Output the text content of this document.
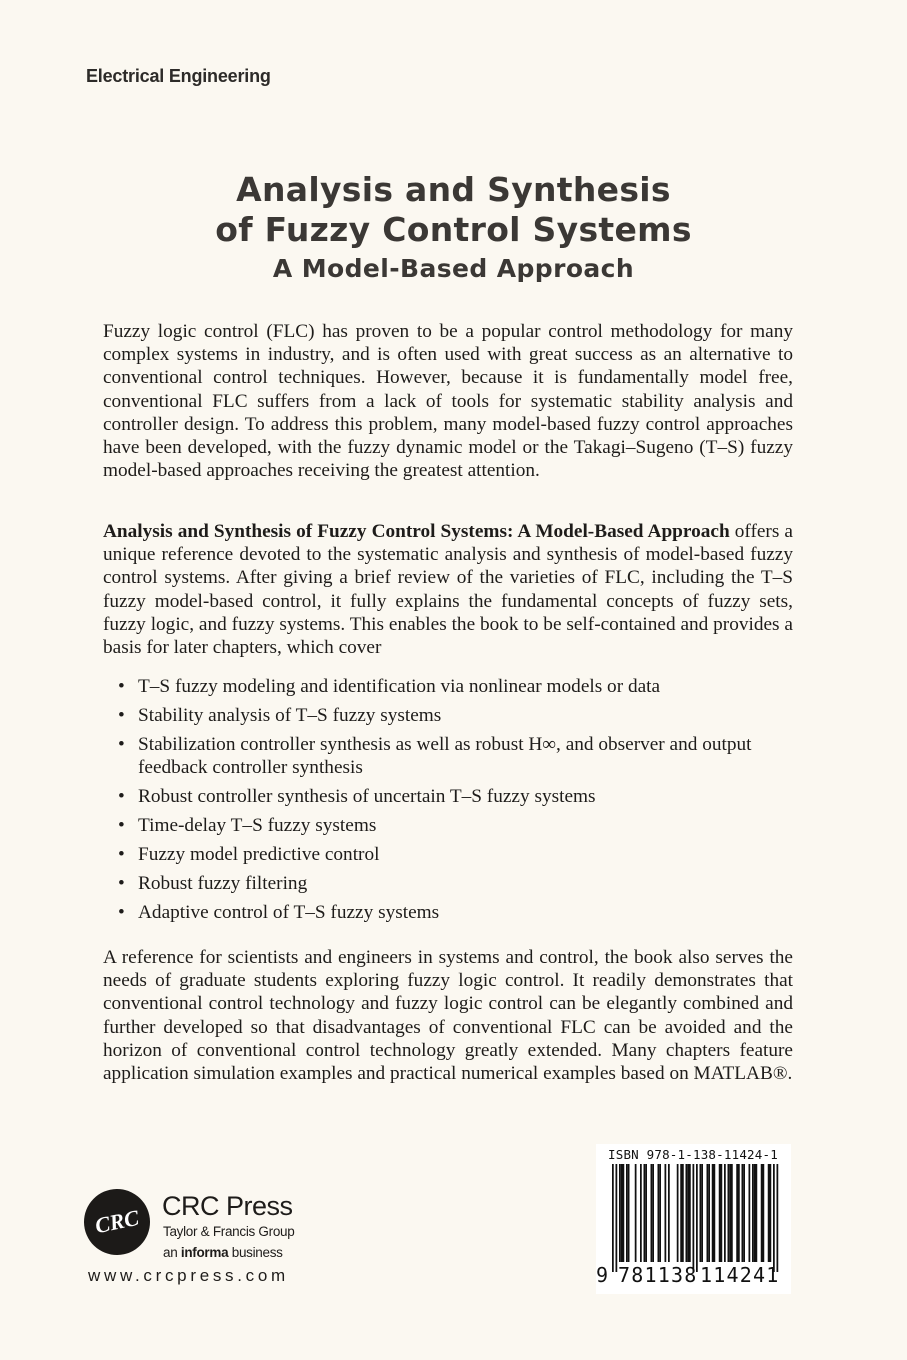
Electrical Engineering
Analysis and Synthesis
of Fuzzy Control Systems
A Model-Based Approach
Fuzzy logic control (FLC) has proven to be a popular control methodology for many complex systems in industry, and is often used with great success as an alternative to conventional control techniques. However, because it is fundamentally model free, conventional FLC suffers from a lack of tools for systematic stability analysis and controller design. To address this problem, many model-based fuzzy control approaches have been developed, with the fuzzy dynamic model or the Takagi–Sugeno (T–S) fuzzy model-based approaches receiving the greatest attention.
Analysis and Synthesis of Fuzzy Control Systems: A Model-Based Approach offers a unique reference devoted to the systematic analysis and synthesis of model-based fuzzy control systems. After giving a brief review of the varieties of FLC, including the T–S fuzzy model-based control, it fully explains the fundamental concepts of fuzzy sets, fuzzy logic, and fuzzy systems. This enables the book to be self-contained and provides a basis for later chapters, which cover
• T–S fuzzy modeling and identification via nonlinear models or data
• Stability analysis of T–S fuzzy systems
• Stabilization controller synthesis as well as robust H∞, and observer and output feedback controller synthesis
• Robust controller synthesis of uncertain T–S fuzzy systems
• Time-delay T–S fuzzy systems
• Fuzzy model predictive control
• Robust fuzzy filtering
• Adaptive control of T–S fuzzy systems
A reference for scientists and engineers in systems and control, the book also serves the needs of graduate students exploring fuzzy logic control. It readily demonstrates that conventional control technology and fuzzy logic control can be elegantly combined and further developed so that disadvantages of conventional FLC can be avoided and the horizon of conventional control technology greatly extended. Many chapters feature application simulation examples and practical numerical examples based on MATLAB®.
CRC CRC Press
Taylor & Francis Group
an informa business
www.crcpress.com
ISBN 978-1-138-11424-1
9 781138 114241
